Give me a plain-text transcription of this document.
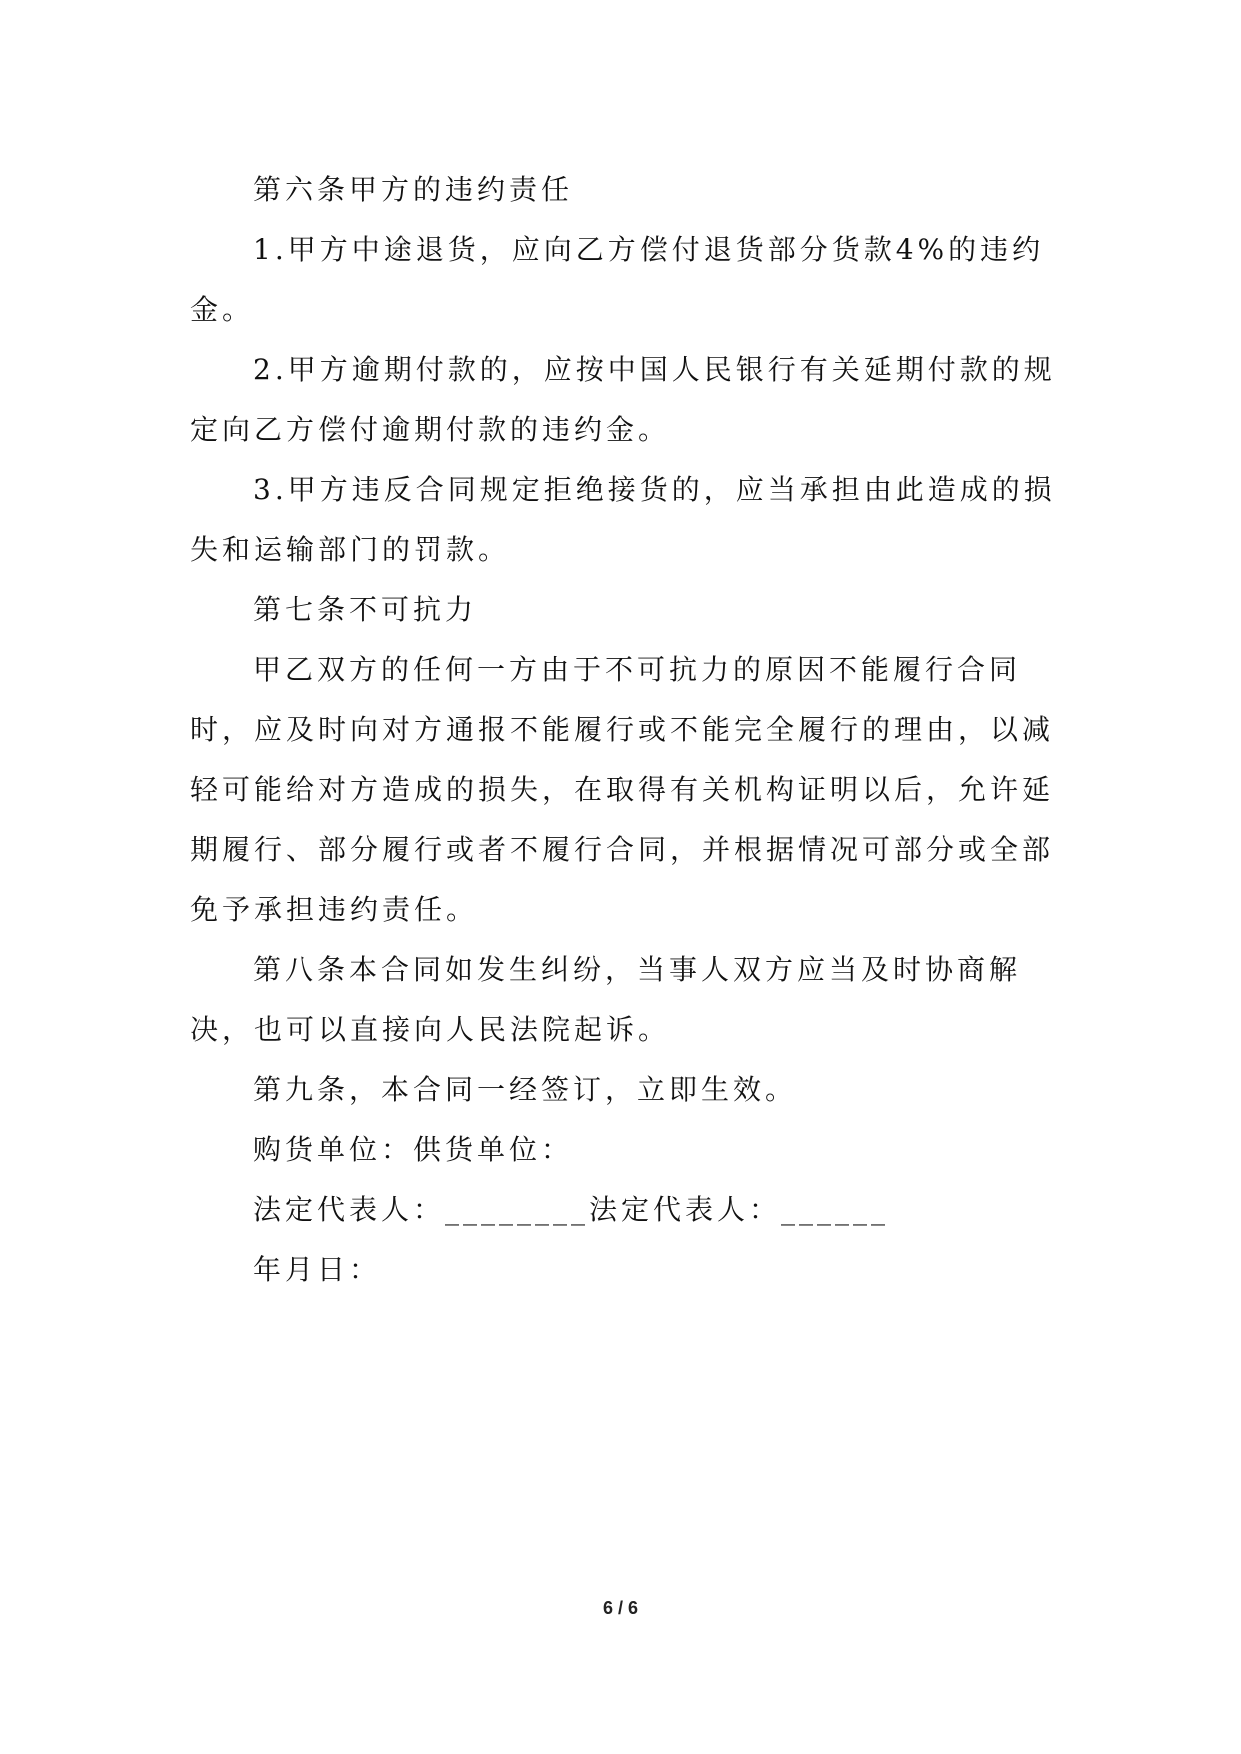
第六条甲方的违约责任

1.甲方中途退货，应向乙方偿付退货部分货款4%的违约金。

2.甲方逾期付款的，应按中国人民银行有关延期付款的规定向乙方偿付逾期付款的违约金。

3.甲方违反合同规定拒绝接货的，应当承担由此造成的损失和运输部门的罚款。

第七条不可抗力

甲乙双方的任何一方由于不可抗力的原因不能履行合同时，应及时向对方通报不能履行或不能完全履行的理由，以减轻可能给对方造成的损失，在取得有关机构证明以后，允许延期履行、部分履行或者不履行合同，并根据情况可部分或全部免予承担违约责任。

第八条本合同如发生纠纷，当事人双方应当及时协商解决，也可以直接向人民法院起诉。

第九条，本合同一经签订，立即生效。

购货单位：供货单位：

法定代表人：________法定代表人：______

年月日：

6 / 6
